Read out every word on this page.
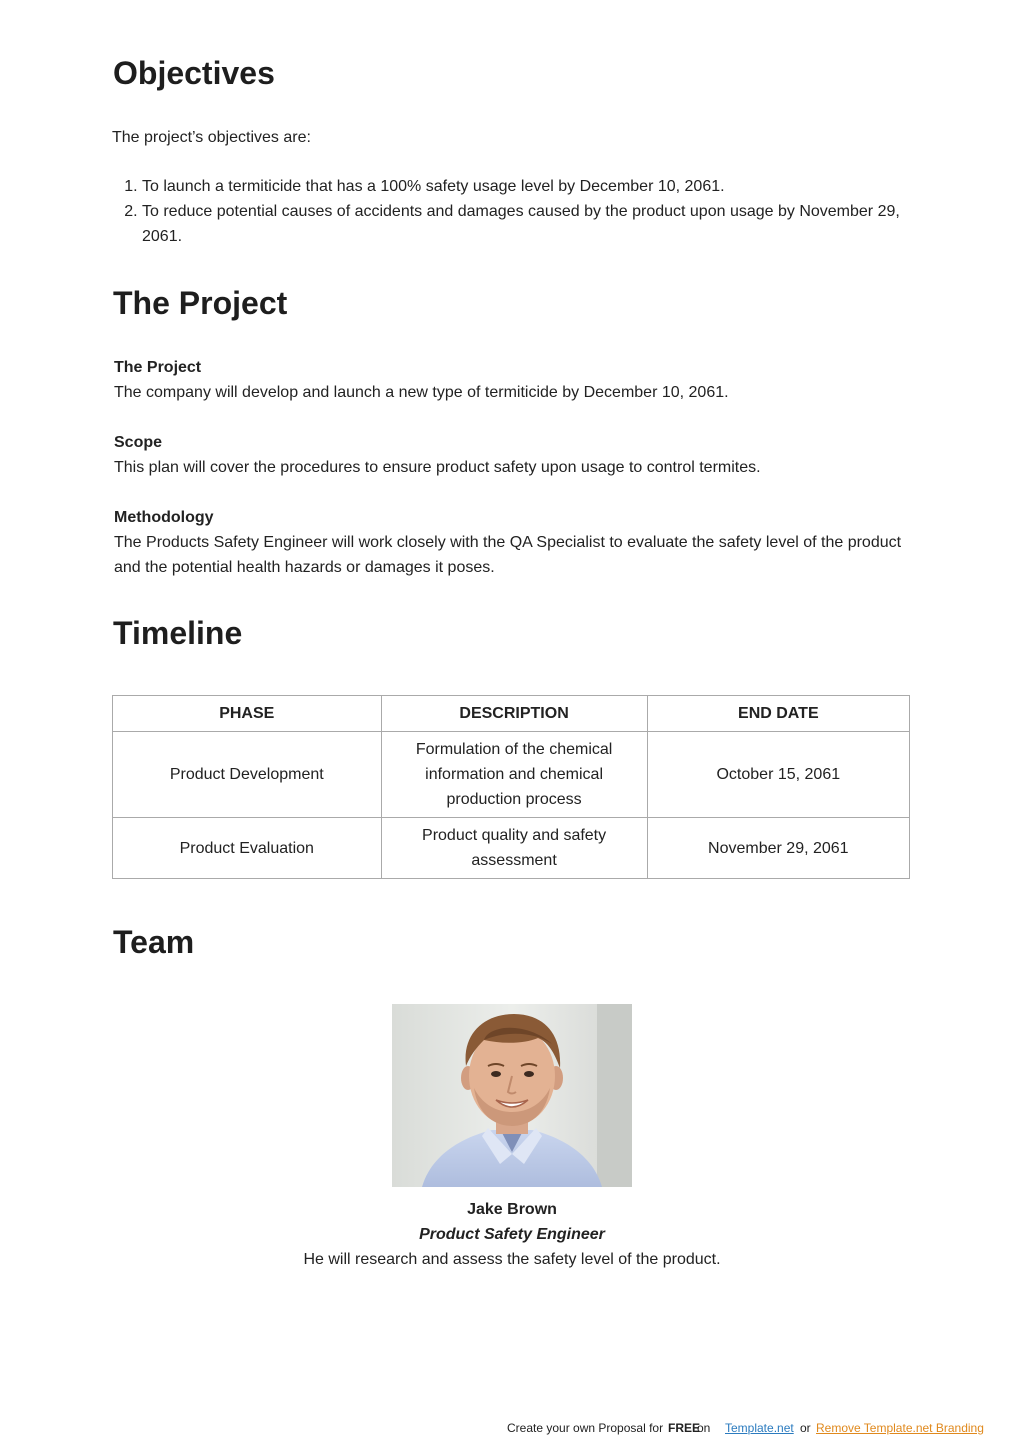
Objectives
The project’s objectives are:
1. To launch a termiticide that has a 100% safety usage level by December 10, 2061.
2. To reduce potential causes of accidents and damages caused by the product upon usage by November 29, 2061.
The Project
The Project
The company will develop and launch a new type of termiticide by December 10, 2061.
Scope
This plan will cover the procedures to ensure product safety upon usage to control termites.
Methodology
The Products Safety Engineer will work closely with the QA Specialist to evaluate the safety level of the product and the potential health hazards or damages it poses.
Timeline
PHASE	DESCRIPTION	END DATE
Product Development	Formulation of the chemical information and chemical production process	October 15, 2061
Product Evaluation	Product quality and safety assessment	November 29, 2061
Team
Jake Brown
Product Safety Engineer
He will research and assess the safety level of the product.
Create your own Proposal for FREE
on Template.net or Remove Template.net Branding
